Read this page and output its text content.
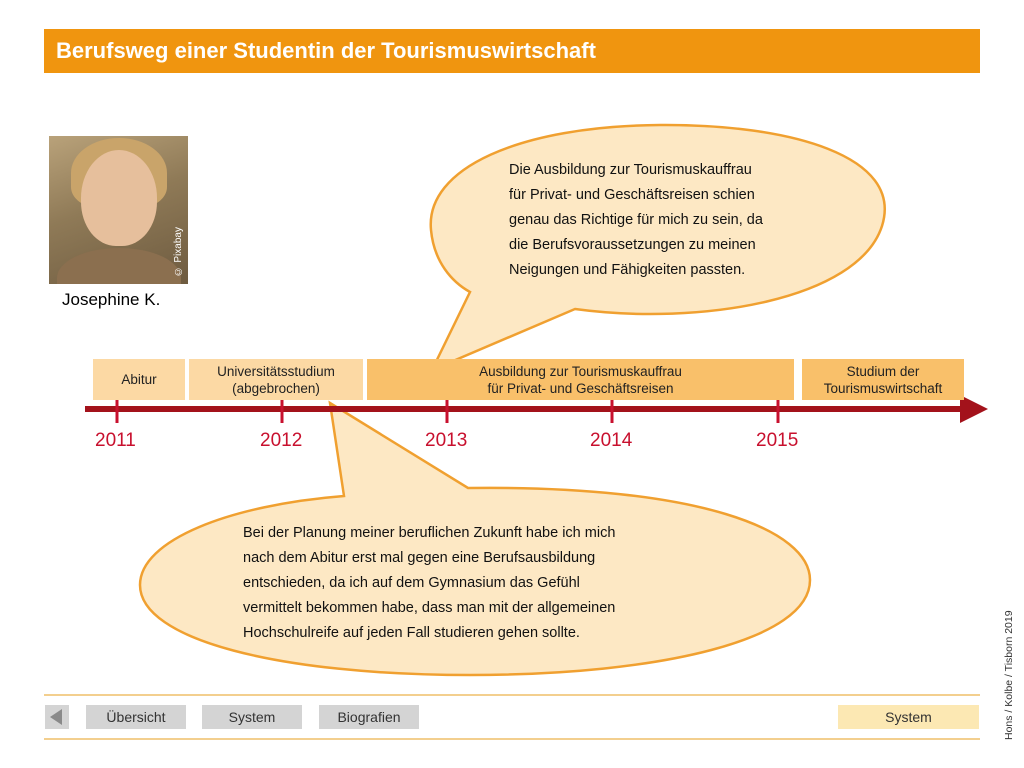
Berufsweg einer Studentin der Tourismuswirtschaft
© Pixabay
Josephine K.
Abitur
Universitätsstudium
(abgebrochen)
Ausbildung zur Tourismuskauffrau
für Privat- und Geschäftsreisen
Studium der
Tourismuswirtschaft
2011	2012	2013	2014	2015
Die Ausbildung zur Tourismuskauffrau
für Privat- und Geschäftsreisen schien
genau das Richtige für mich zu sein, da
die Berufsvoraussetzungen zu meinen
Neigungen und Fähigkeiten passten.
Bei der Planung meiner beruflichen Zukunft habe ich mich
nach dem Abitur erst mal gegen eine Berufsausbildung
entschieden, da ich auf dem Gymnasium das Gefühl
vermittelt bekommen habe, dass man mit der allgemeinen
Hochschulreife auf jeden Fall studieren gehen sollte.
Übersicht	System	Biografien	System	Hons / Kolbe / Tisborn 2019
